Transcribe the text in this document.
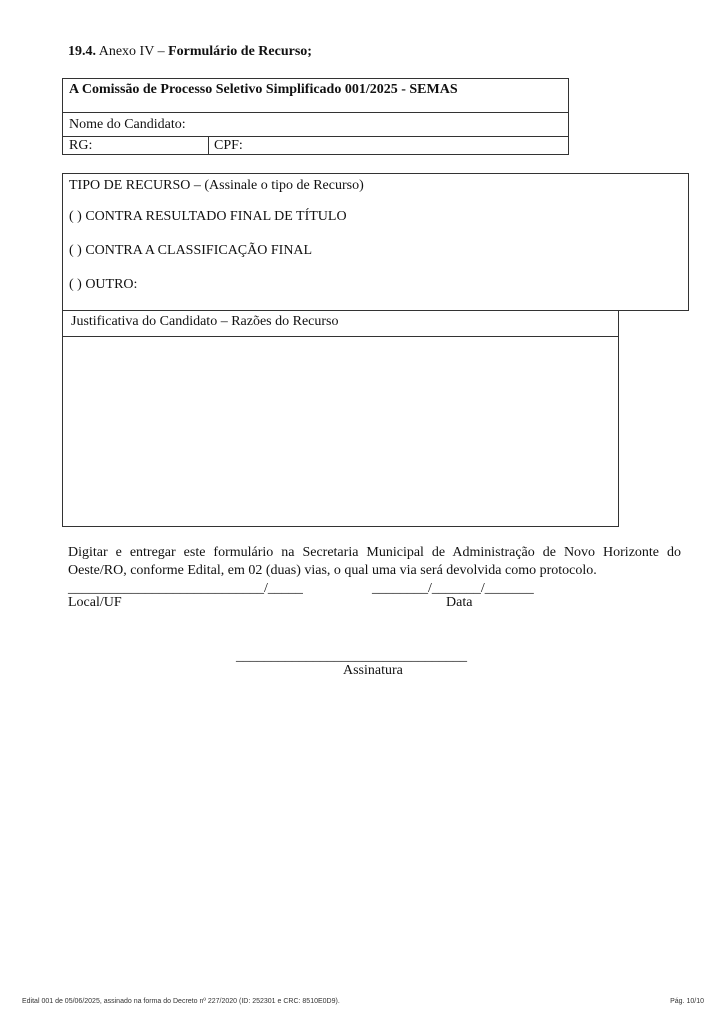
19.4. Anexo IV – Formulário de Recurso;
A Comissão de Processo Seletivo Simplificado 001/2025 - SEMAS
Nome do Candidato:
RG:	CPF:
TIPO DE RECURSO – (Assinale o tipo de Recurso)
( ) CONTRA RESULTADO FINAL DE TÍTULO
( ) CONTRA A CLASSIFICAÇÃO FINAL
( ) OUTRO:
Justificativa do Candidato – Razões do Recurso
Digitar e entregar este formulário na Secretaria Municipal de Administração de Novo Horizonte do Oeste/RO, conforme Edital, em 02 (duas) vias, o qual uma via será devolvida como protocolo.
____________________________/_____	________/_______/_______
Local/UF	Data
_________________________________
Assinatura
Edital 001 de 05/06/2025, assinado na forma do Decreto nº 227/2020 (ID: 252301 e CRC: 8510E0D9).	Pág. 10/10
